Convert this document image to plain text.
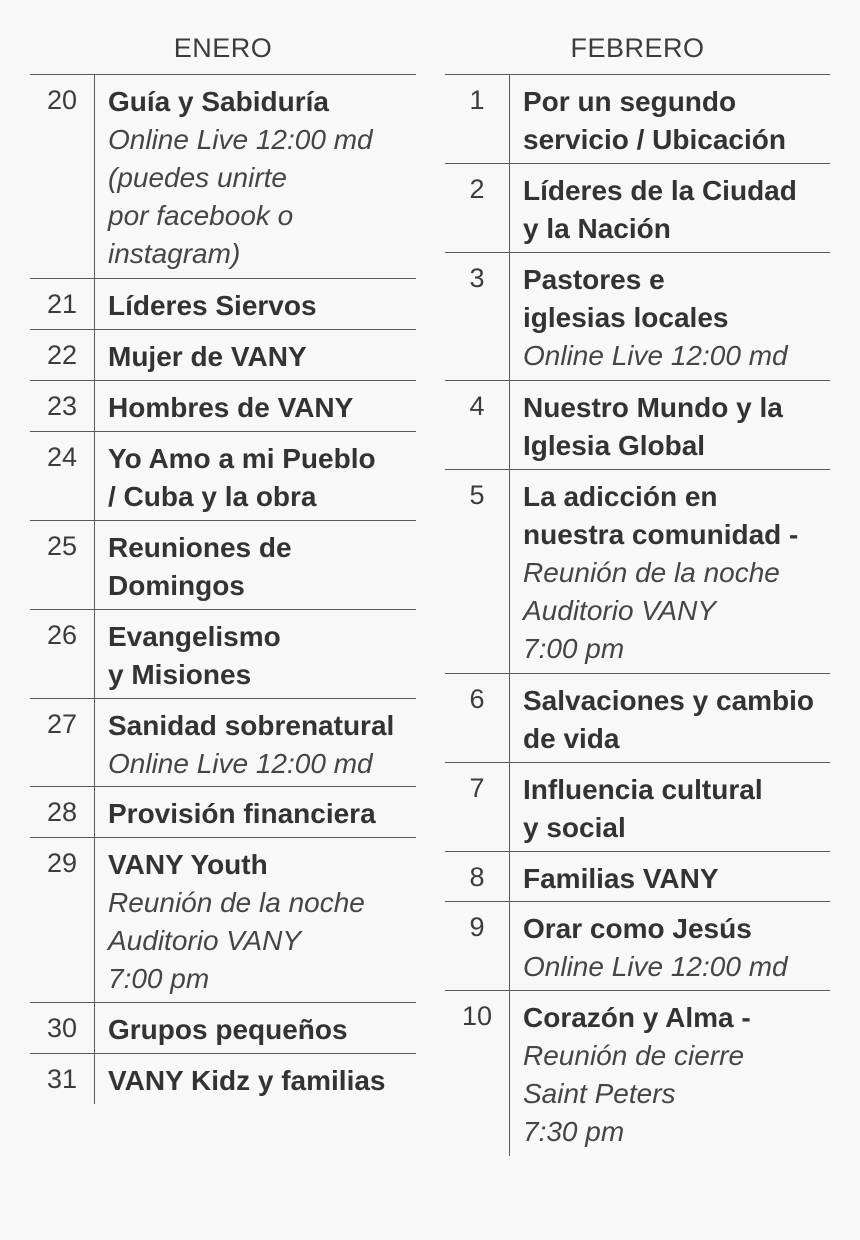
ENERO
20	Guía y Sabiduría
Online Live 12:00 md
(puedes unirte
por facebook o
instagram)
21	Líderes Siervos
22	Mujer de VANY
23	Hombres de VANY
24	Yo Amo a mi Pueblo
/ Cuba y la obra
25	Reuniones de
Domingos
26	Evangelismo
y Misiones
27	Sanidad sobrenatural
Online Live 12:00 md
28	Provisión financiera
29	VANY Youth
Reunión de la noche
Auditorio VANY
7:00 pm
30	Grupos pequeños
31	VANY Kidz y familias
FEBRERO
1	Por un segundo
servicio / Ubicación
2	Líderes de la Ciudad
y la Nación
3	Pastores e
iglesias locales
Online Live 12:00 md
4	Nuestro Mundo y la
Iglesia Global
5	La adicción en
nuestra comunidad -
Reunión de la noche
Auditorio VANY
7:00 pm
6	Salvaciones y cambio
de vida
7	Influencia cultural
y social
8	Familias VANY
9	Orar como Jesús
Online Live 12:00 md
10	Corazón y Alma -
Reunión de cierre
Saint Peters
7:30 pm
